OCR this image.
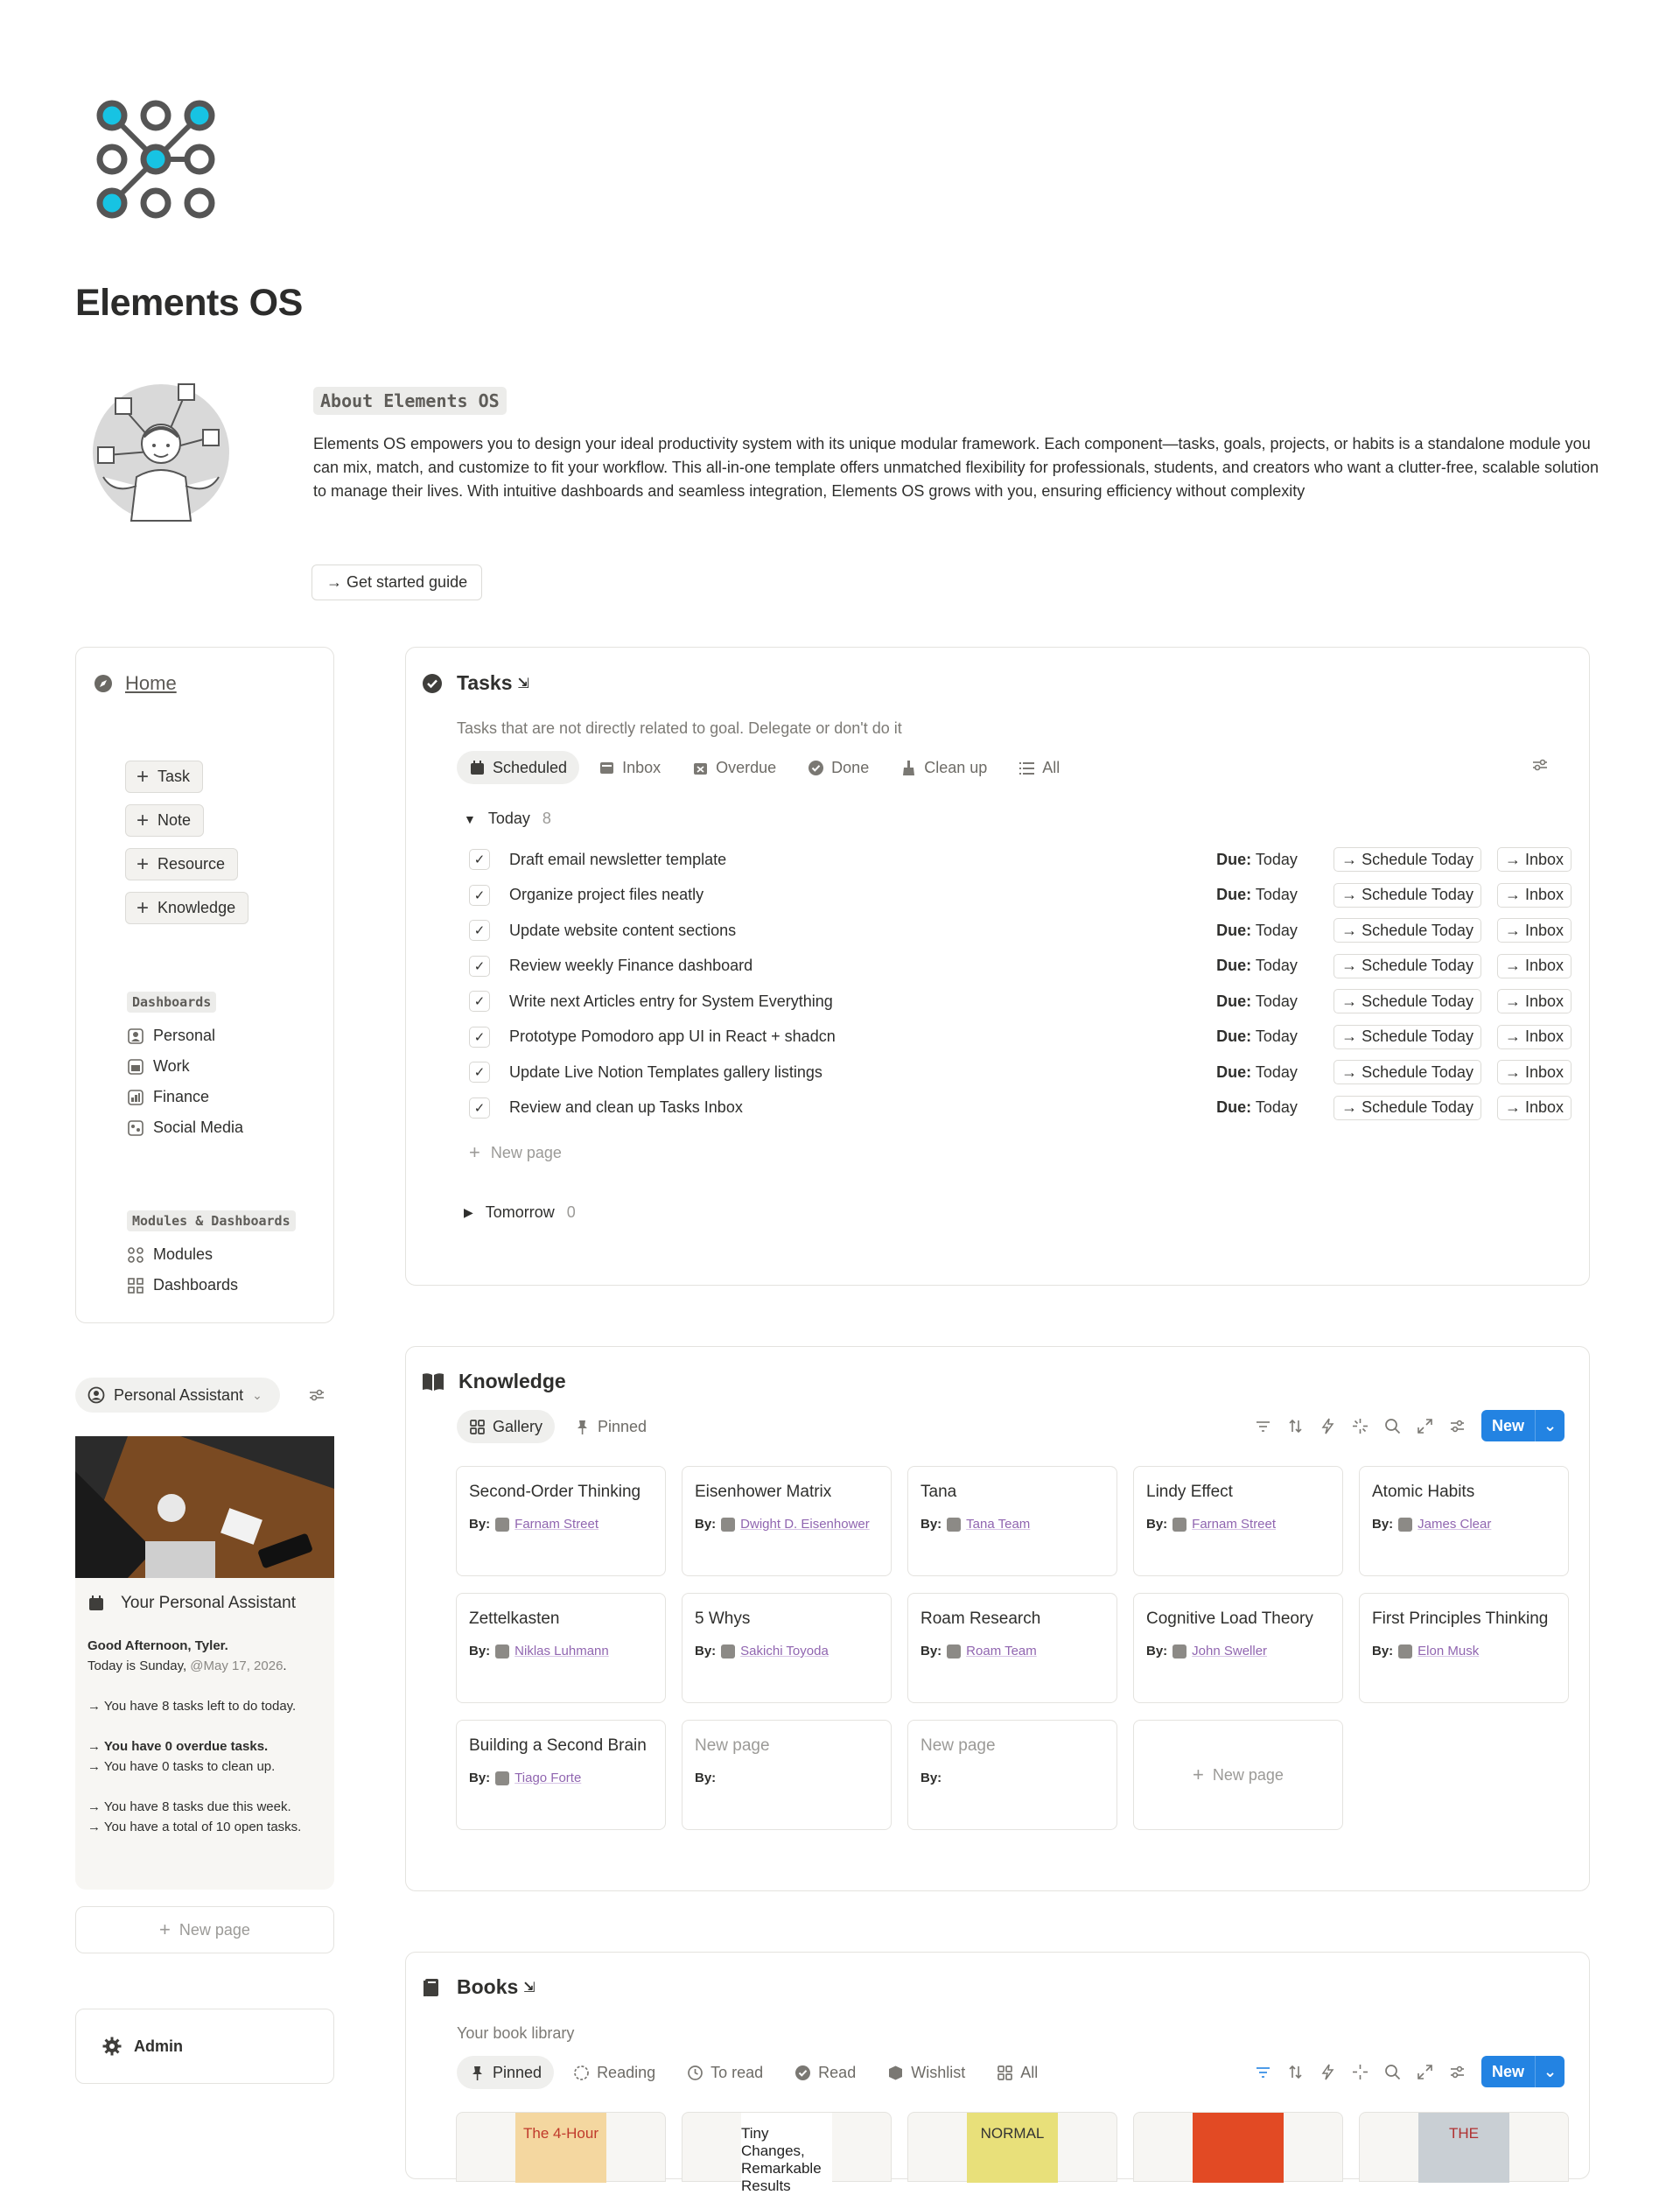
Elements OS
About Elements OS
Elements OS empowers you to design your ideal productivity system with its unique modular framework. Each component—tasks, goals, projects, or habits is a standalone module you can mix, match, and customize to fit your workflow. This all-in-one template offers unmatched flexibility for professionals, students, and creators who want a clutter-free, scalable solution to manage their lives. With intuitive dashboards and seamless integration, Elements OS grows with you, ensuring efficiency without complexity
→ Get started guide
Home
+ Task
+ Note
+ Resource
+ Knowledge
Dashboards
Personal
Work
Finance
Social Media
Modules & Dashboards
Modules
Dashboards
Tasks ⇲
Tasks that are not directly related to goal. Delegate or don't do it
Scheduled	Inbox	Overdue	Done	Clean up	All
▼ Today 8
✓ Draft email newsletter template	Due: Today	→ Schedule Today	→ Inbox
✓ Organize project files neatly	Due: Today	→ Schedule Today	→ Inbox
✓ Update website content sections	Due: Today	→ Schedule Today	→ Inbox
✓ Review weekly Finance dashboard	Due: Today	→ Schedule Today	→ Inbox
✓ Write next Articles entry for System Everything	Due: Today	→ Schedule Today	→ Inbox
✓ Prototype Pomodoro app UI in React + shadcn	Due: Today	→ Schedule Today	→ Inbox
✓ Update Live Notion Templates gallery listings	Due: Today	→ Schedule Today	→ Inbox
✓ Review and clean up Tasks Inbox	Due: Today	→ Schedule Today	→ Inbox
+ New page
▶ Tomorrow 0
Personal Assistant ⌄
Your Personal Assistant
Good Afternoon, Tyler.
Today is Sunday, @May 17, 2026.
→ You have 8 tasks left to do today.
→ You have 0 overdue tasks.
→ You have 0 tasks to clean up.
→ You have 8 tasks due this week.
→ You have a total of 10 open tasks.
+ New page
Admin
Knowledge
Gallery	Pinned	New	⌄
Second-Order Thinking
By: Farnam Street
Eisenhower Matrix
By: Dwight D. Eisenhower
Tana
By: Tana Team
Lindy Effect
By: Farnam Street
Atomic Habits
By: James Clear
Zettelkasten
By: Niklas Luhmann
5 Whys
By: Sakichi Toyoda
Roam Research
By: Roam Team
Cognitive Load Theory
By: John Sweller
First Principles Thinking
By: Elon Musk
Building a Second Brain
By: Tiago Forte
New page
By:
New page
By:	+ New page
Books ⇲
Your book library
Pinned	Reading	To read	Read	Wishlist	All	New	⌄
The 4-Hour	Tiny Changes, Remarkable Results
NORMAL	THE
